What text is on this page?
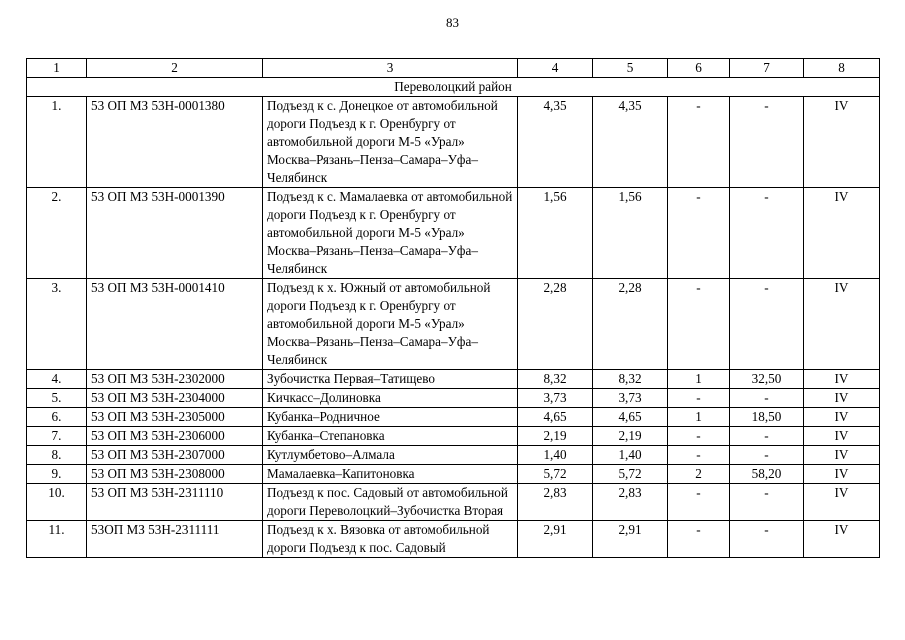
83
1	2	3	4	5	6	7	8
Переволоцкий район							
1.	53 ОП МЗ 53Н-0001380	Подъезд к с. Донецкое от автомобильной дороги Подъезд к г. Оренбургу от автомобильной дороги М-5 «Урал» Москва–Рязань–Пенза–Самара–Уфа–Челябинск	4,35	4,35	-	-	IV
2.	53 ОП МЗ 53Н-0001390	Подъезд к с. Мамалаевка от автомобильной дороги Подъезд к г. Оренбургу от автомобильной дороги М-5 «Урал» Москва–Рязань–Пенза–Самара–Уфа–Челябинск	1,56	1,56	-	-	IV
3.	53 ОП МЗ 53Н-0001410	Подъезд к х. Южный от автомобильной дороги Подъезд к г. Оренбургу от автомобильной дороги М-5 «Урал» Москва–Рязань–Пенза–Самара–Уфа–Челябинск	2,28	2,28	-	-	IV
4.	53 ОП МЗ 53Н-2302000	Зубочистка Первая–Татищево	8,32	8,32	1	32,50	IV
5.	53 ОП МЗ 53Н-2304000	Кичкасс–Долиновка	3,73	3,73	-	-	IV
6.	53 ОП МЗ 53Н-2305000	Кубанка–Родничное	4,65	4,65	1	18,50	IV
7.	53 ОП МЗ 53Н-2306000	Кубанка–Степановка	2,19	2,19	-	-	IV
8.	53 ОП МЗ 53Н-2307000	Кутлумбетово–Алмала	1,40	1,40	-	-	IV
9.	53 ОП МЗ 53Н-2308000	Мамалаевка–Капитоновка	5,72	5,72	2	58,20	IV
10.	53 ОП МЗ 53Н-2311110	Подъезд к пос. Садовый от автомобильной дороги Переволоцкий–Зубочистка Вторая	2,83	2,83	-	-	IV
11.	53ОП МЗ 53Н-2311111	Подъезд к х. Вязовка от автомобильной дороги Подъезд к пос. Садовый	2,91	2,91	-	-	IV
